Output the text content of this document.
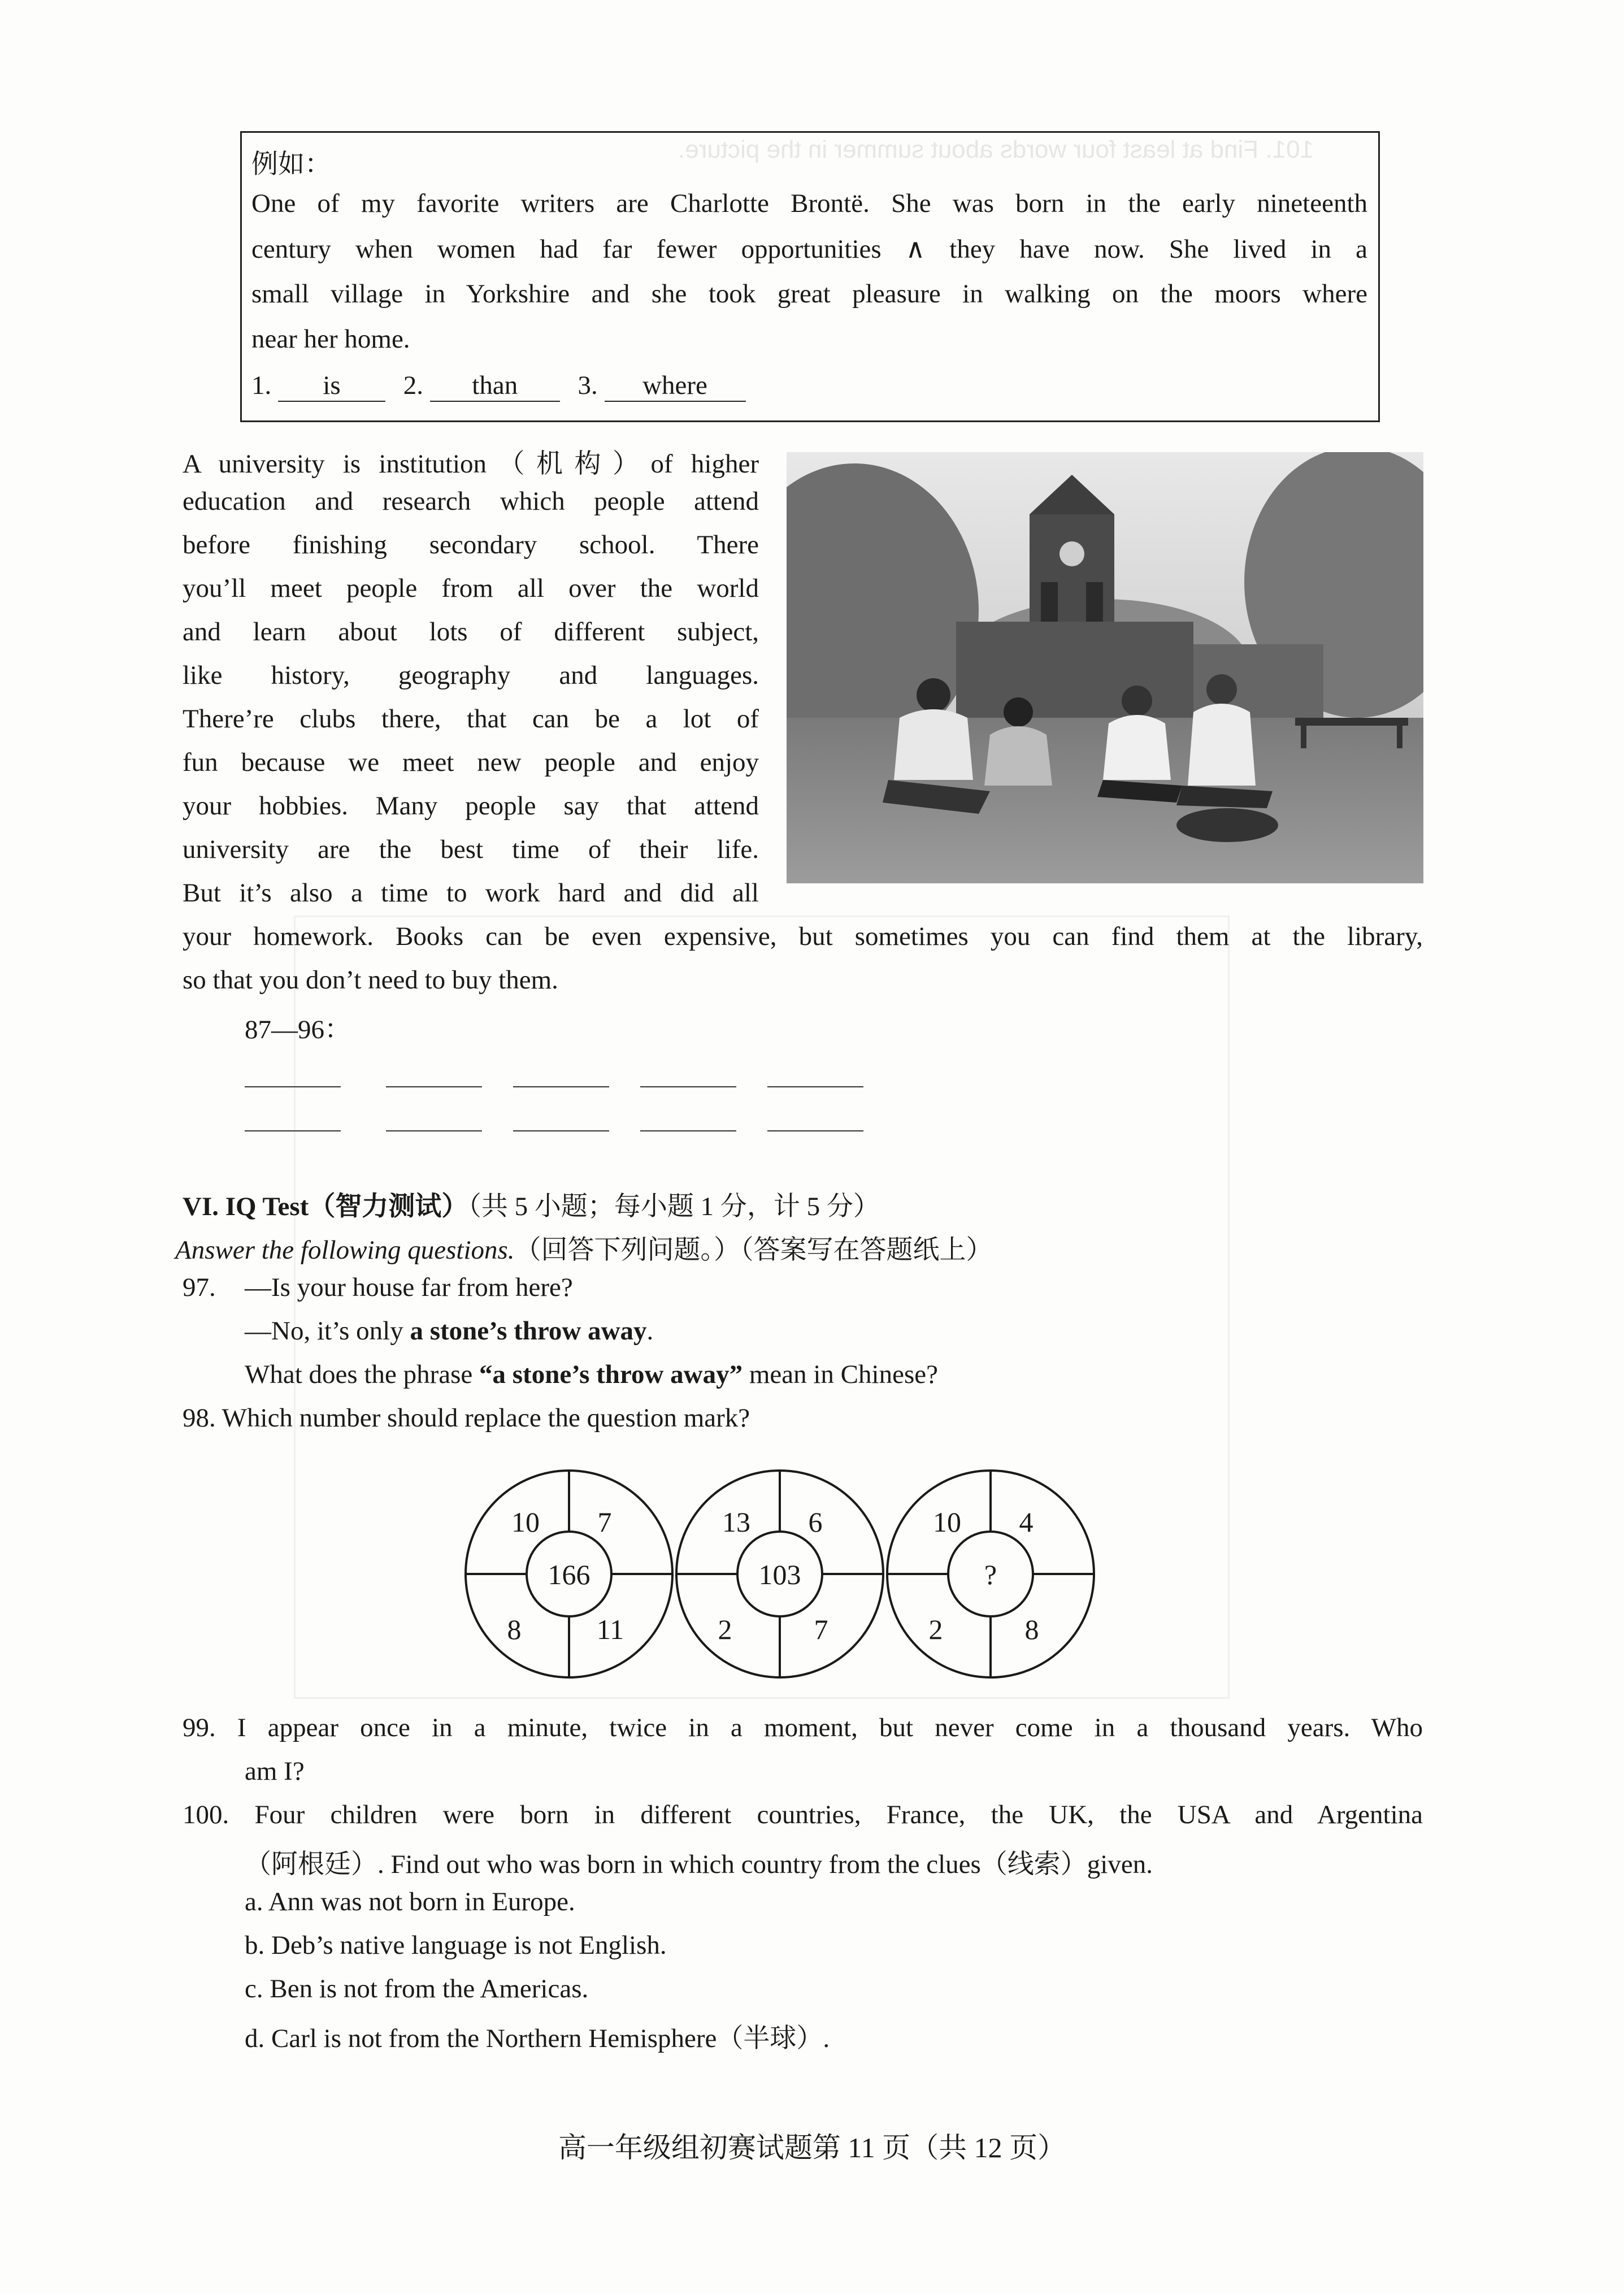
101. Find at least four words about summer in the picture.
例如：
One of my favorite writers are Charlotte Brontë. She was born in the early nineteenth
century when women had far fewer opportunities ∧ they have now. She lived in a
small village in Yorkshire and she took great pleasure in walking on the moors where
near her home.
1. is 2. than 3. where
A university is institution（机构）of higher
education and research which people attend
before finishing secondary school. There
you’ll meet people from all over the world
and learn about lots of different subject,
like history, geography and languages.
There’re clubs there, that can be a lot of
fun because we meet new people and enjoy
your hobbies. Many people say that attend
university are the best time of their life.
But it’s also a time to work hard and did all
your homework. Books can be even expensive, but sometimes you can find them at the library,
so that you don’t need to buy them.
87—96：
VI. IQ Test（智力测试）（共 5 小题；每小题 1 分，计 5 分）
Answer the following questions.（回答下列问题。）（答案写在答题纸上）
97. —Is your house far from here?
—No, it’s only a stone’s throw away.
What does the phrase “a stone’s throw away” mean in Chinese?
98. Which number should replace the question mark?
10 7
166
8	11
13 6
103
2	7
10 4
?
2	8
99. I appear once in a minute, twice in a moment, but never come in a thousand years. Who
am I?
100. Four children were born in different countries, France, the UK, the USA and Argentina
（阿根廷）. Find out who was born in which country from the clues（线索）given.
a. Ann was not born in Europe.
b. Deb’s native language is not English.
c. Ben is not from the Americas.
d. Carl is not from the Northern Hemisphere（半球）.
高一年级组初赛试题第 11 页（共 12 页）
